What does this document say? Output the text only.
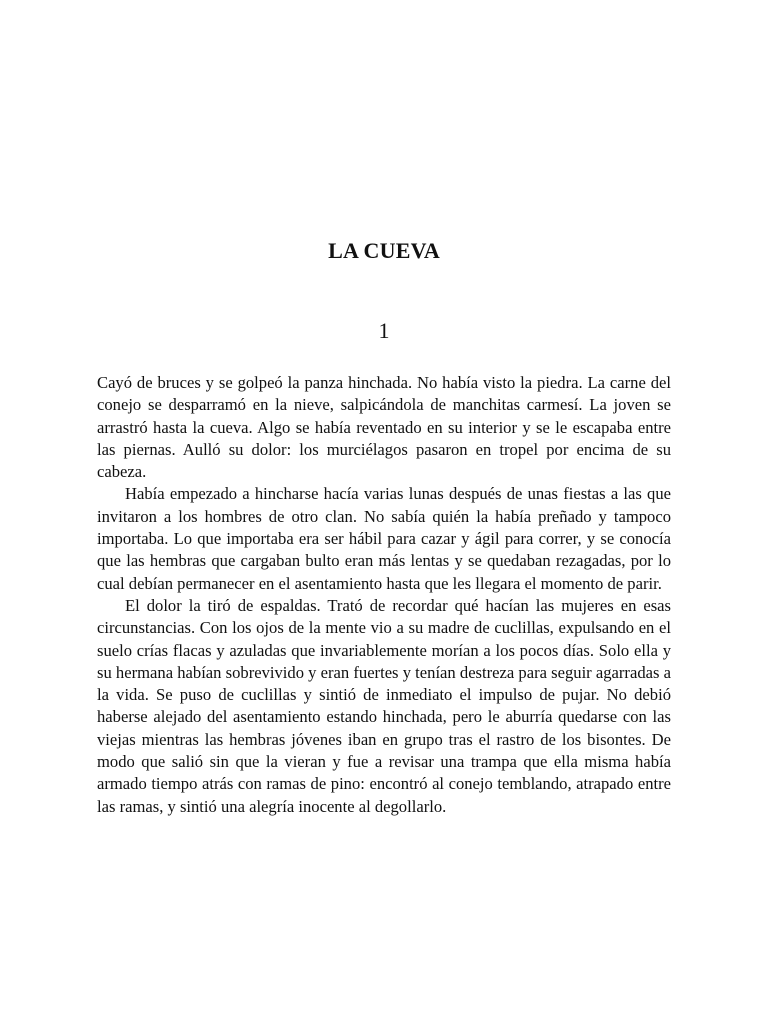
LA CUEVA
1

Cayó de bruces y se golpeó la panza hinchada. No había visto la piedra. La carne del conejo se desparramó en la nieve, salpicándola de manchitas carmesí. La joven se arrastró hasta la cueva. Algo se había reventado en su interior y se le escapaba entre las piernas. Aulló su dolor: los murciélagos pasaron en tropel por encima de su cabeza.

Había empezado a hincharse hacía varias lunas después de unas fiestas a las que invitaron a los hombres de otro clan. No sabía quién la había preñado y tampoco importaba. Lo que importaba era ser hábil para cazar y ágil para correr, y se conocía que las hembras que cargaban bulto eran más lentas y se quedaban rezagadas, por lo cual debían permanecer en el asentamiento hasta que les llegara el momento de parir.

El dolor la tiró de espaldas. Trató de recordar qué hacían las mujeres en esas circunstancias. Con los ojos de la mente vio a su madre de cuclillas, expulsando en el suelo crías flacas y azuladas que invariablemente morían a los pocos días. Solo ella y su hermana habían sobrevivido y eran fuertes y tenían destreza para seguir agarradas a la vida. Se puso de cuclillas y sintió de inmediato el impulso de pujar. No debió haberse alejado del asentamiento estando hinchada, pero le aburría quedarse con las viejas mientras las hembras jóvenes iban en grupo tras el rastro de los bisontes. De modo que salió sin que la vieran y fue a revisar una trampa que ella misma había armado tiempo atrás con ramas de pino: encontró al conejo temblando, atrapado entre las ramas, y sintió una alegría inocente al degollarlo.
